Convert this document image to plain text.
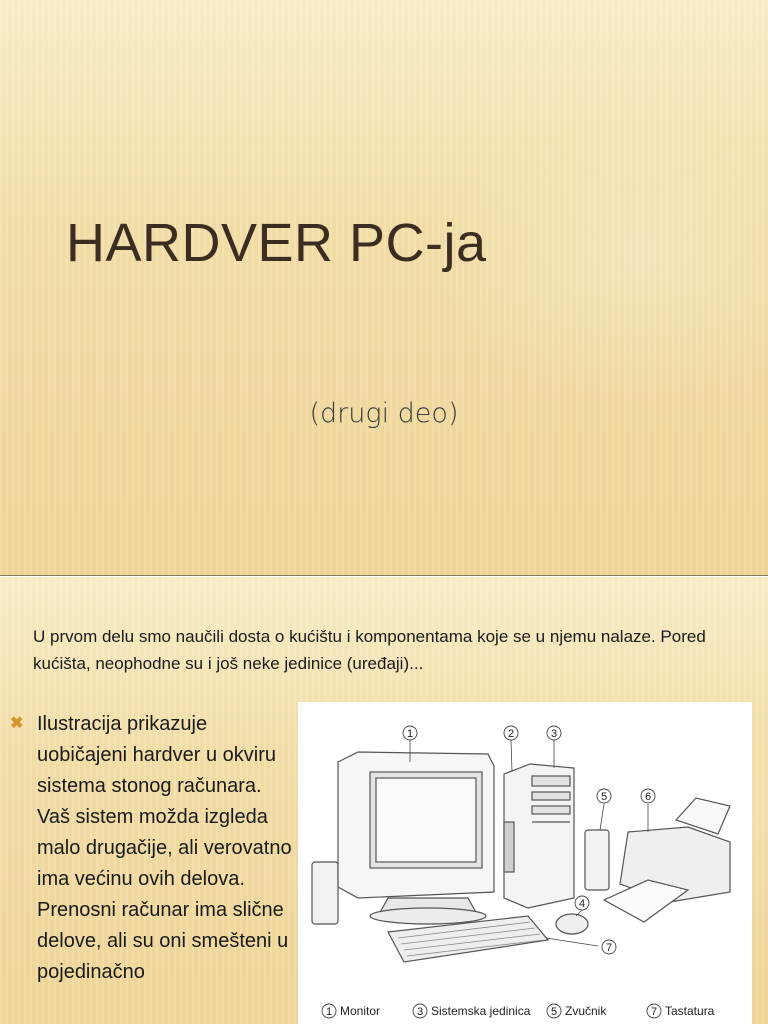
HARDVER PC-ja
(drugi deo)
U prvom delu smo naučili dosta o kućištu i komponentama koje se u njemu nalaze. Pored kućišta, neophodne su i još neke jedinice (uređaji)...
✖ Ilustracija prikazuje uobičajeni hardver u okviru sistema stonog računara. Vaš sistem možda izgleda malo drugačije, ali verovatno ima većinu ovih delova. Prenosni računar ima slične delove, ali su oni smešteni u pojedinačno
1	2	3
5	6
4
7
1 Monitor	3 Sistemska jedinica 5 Zvučnik	7 Tastatura
